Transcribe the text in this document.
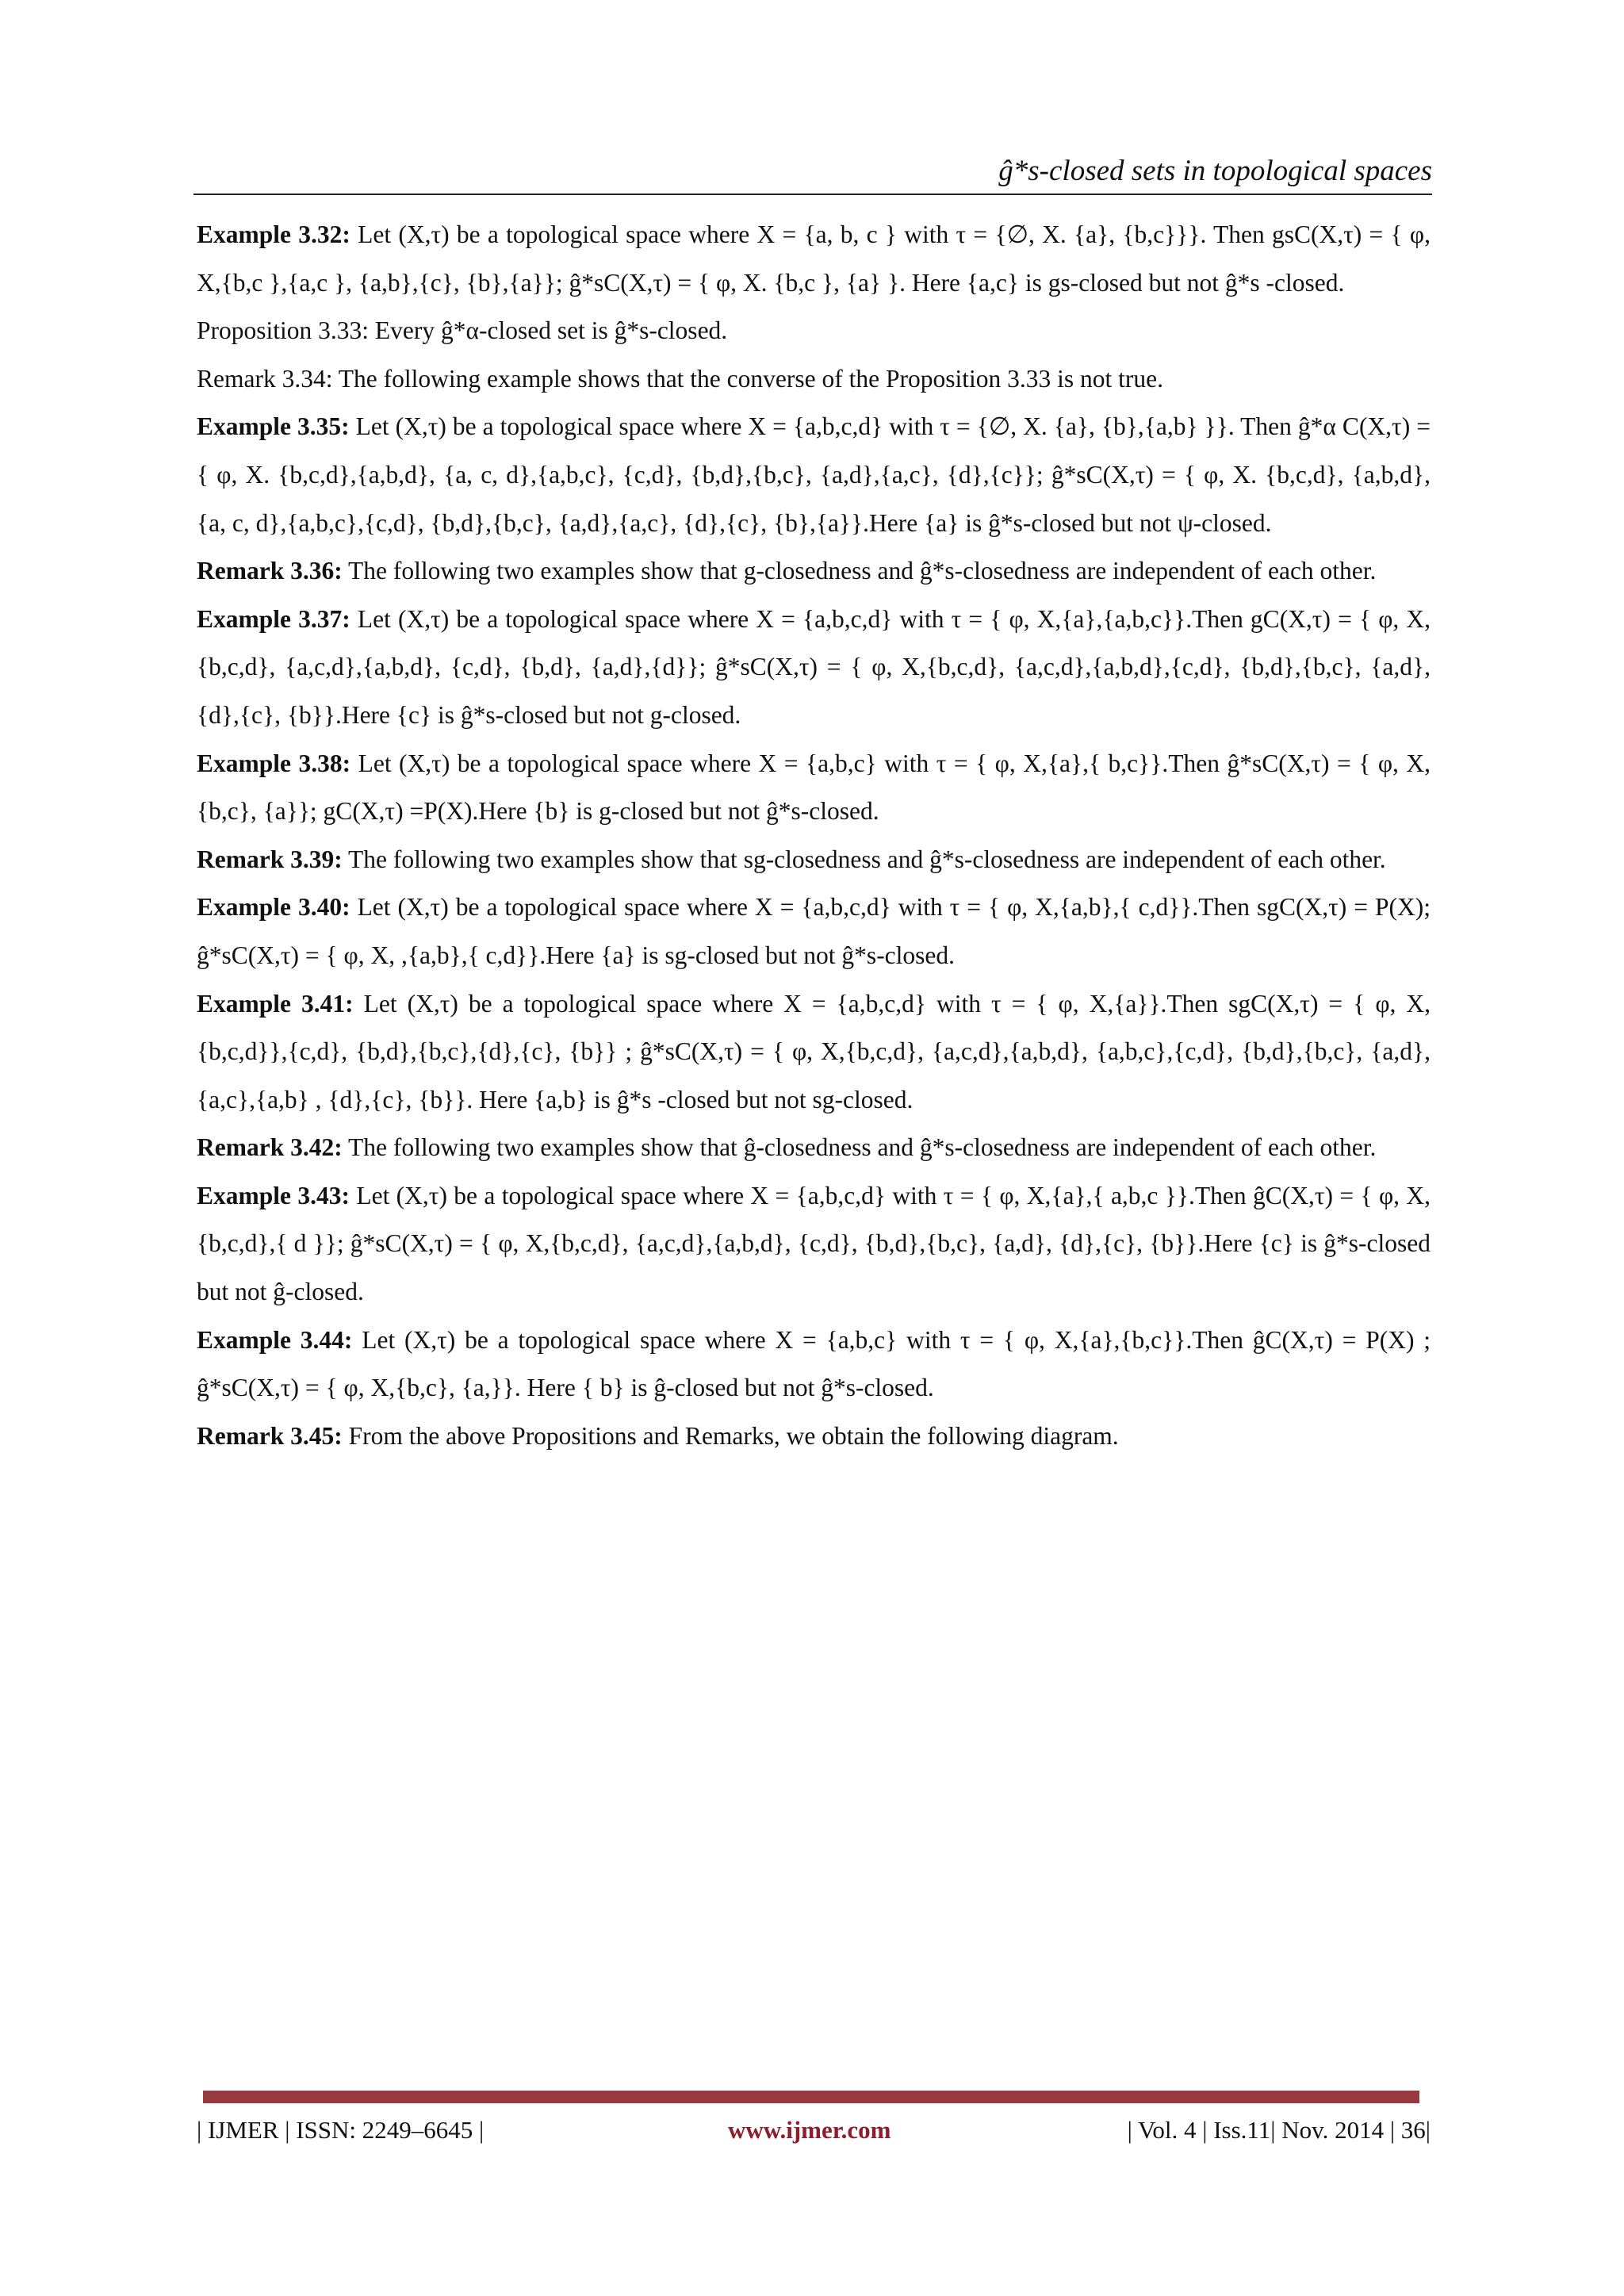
ĝ*s-closed sets in topological spaces

Example 3.32: Let (X,τ) be a topological space where X = {a, b, c } with τ = {∅, X. {a}, {b,c}}}. Then gsC(X,τ) = { φ, X,{b,c },{a,c }, {a,b},{c}, {b},{a}}; ĝ*sC(X,τ) = { φ, X. {b,c }, {a} }. Here {a,c} is gs-closed but not ĝ*s -closed.

Proposition 3.33: Every ĝ*α-closed set is ĝ*s-closed.

Remark 3.34: The following example shows that the converse of the Proposition 3.33 is not true.

Example 3.35: Let (X,τ) be a topological space where X = {a,b,c,d} with τ = {∅, X. {a}, {b},{a,b} }}. Then ĝ*α C(X,τ) = { φ, X. {b,c,d},{a,b,d}, {a, c, d},{a,b,c}, {c,d}, {b,d},{b,c}, {a,d},{a,c}, {d},{c}}; ĝ*sC(X,τ) = { φ, X. {b,c,d}, {a,b,d}, {a, c, d},{a,b,c},{c,d}, {b,d},{b,c}, {a,d},{a,c}, {d},{c}, {b},{a}}.Here {a} is ĝ*s-closed but not ψ-closed.

Remark 3.36: The following two examples show that g-closedness and ĝ*s-closedness are independent of each other.

Example 3.37: Let (X,τ) be a topological space where X = {a,b,c,d} with τ = { φ, X,{a},{a,b,c}}.Then gC(X,τ) = { φ, X,{b,c,d}, {a,c,d},{a,b,d}, {c,d}, {b,d}, {a,d},{d}}; ĝ*sC(X,τ) = { φ, X,{b,c,d}, {a,c,d},{a,b,d},{c,d}, {b,d},{b,c}, {a,d}, {d},{c}, {b}}.Here {c} is ĝ*s-closed but not g-closed.

Example 3.38: Let (X,τ) be a topological space where X = {a,b,c} with τ = { φ, X,{a},{ b,c}}.Then ĝ*sC(X,τ) = { φ, X,{b,c}, {a}}; gC(X,τ) =P(X).Here {b} is g-closed but not ĝ*s-closed.

Remark 3.39: The following two examples show that sg-closedness and ĝ*s-closedness are independent of each other.

Example 3.40: Let (X,τ) be a topological space where X = {a,b,c,d} with τ = { φ, X,{a,b},{ c,d}}.Then sgC(X,τ) = P(X); ĝ*sC(X,τ) = { φ, X, ,{a,b},{ c,d}}.Here {a} is sg-closed but not ĝ*s-closed.

Example 3.41: Let (X,τ) be a topological space where X = {a,b,c,d} with τ = { φ, X,{a}}.Then sgC(X,τ) = { φ, X,{b,c,d}},{c,d}, {b,d},{b,c},{d},{c}, {b}} ; ĝ*sC(X,τ) = { φ, X,{b,c,d}, {a,c,d},{a,b,d}, {a,b,c},{c,d}, {b,d},{b,c}, {a,d},{a,c},{a,b} , {d},{c}, {b}}. Here {a,b} is ĝ*s -closed but not sg-closed.

Remark 3.42: The following two examples show that ĝ-closedness and ĝ*s-closedness are independent of each other.

Example 3.43: Let (X,τ) be a topological space where X = {a,b,c,d} with τ = { φ, X,{a},{ a,b,c }}.Then ĝC(X,τ) = { φ, X,{b,c,d},{ d }}; ĝ*sC(X,τ) = { φ, X,{b,c,d}, {a,c,d},{a,b,d}, {c,d}, {b,d},{b,c}, {a,d}, {d},{c}, {b}}.Here {c} is ĝ*s-closed but not ĝ-closed.

Example 3.44: Let (X,τ) be a topological space where X = {a,b,c} with τ = { φ, X,{a},{b,c}}.Then ĝC(X,τ) = P(X) ; ĝ*sC(X,τ) = { φ, X,{b,c}, {a,}}. Here { b} is ĝ-closed but not ĝ*s-closed.

Remark 3.45: From the above Propositions and Remarks, we obtain the following diagram.

| IJMER | ISSN: 2249–6645 |	www.ijmer.com	| Vol. 4 | Iss.11| Nov. 2014 | 36|
